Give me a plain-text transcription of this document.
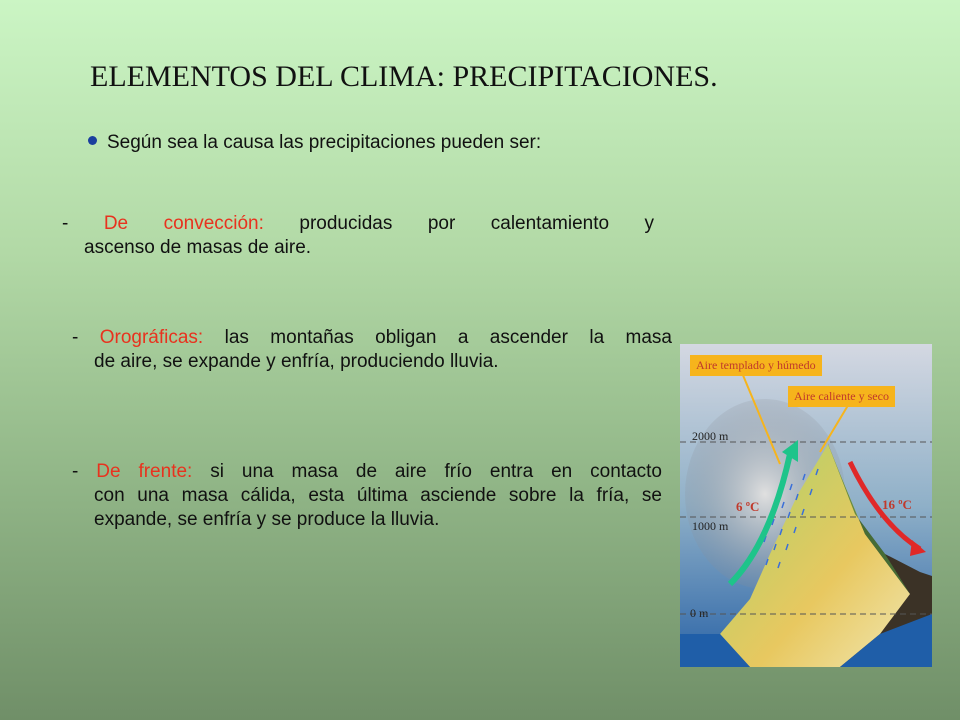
ELEMENTOS DEL CLIMA: PRECIPITACIONES.
Según sea la causa las precipitaciones pueden ser:
- De convección: producidas por calentamiento y
ascenso de masas de aire.
- Orográficas: las montañas obligan a ascender la masa
de aire, se expande y enfría, produciendo lluvia.
- De frente: si una masa de aire frío entra en contacto
con una masa cálida, esta última asciende sobre la fría, se expande, se enfría y se produce la lluvia.
Aire templado y húmedo
Aire caliente y seco
2000 m
1000 m
0 m
6 ºC	16 ºC
